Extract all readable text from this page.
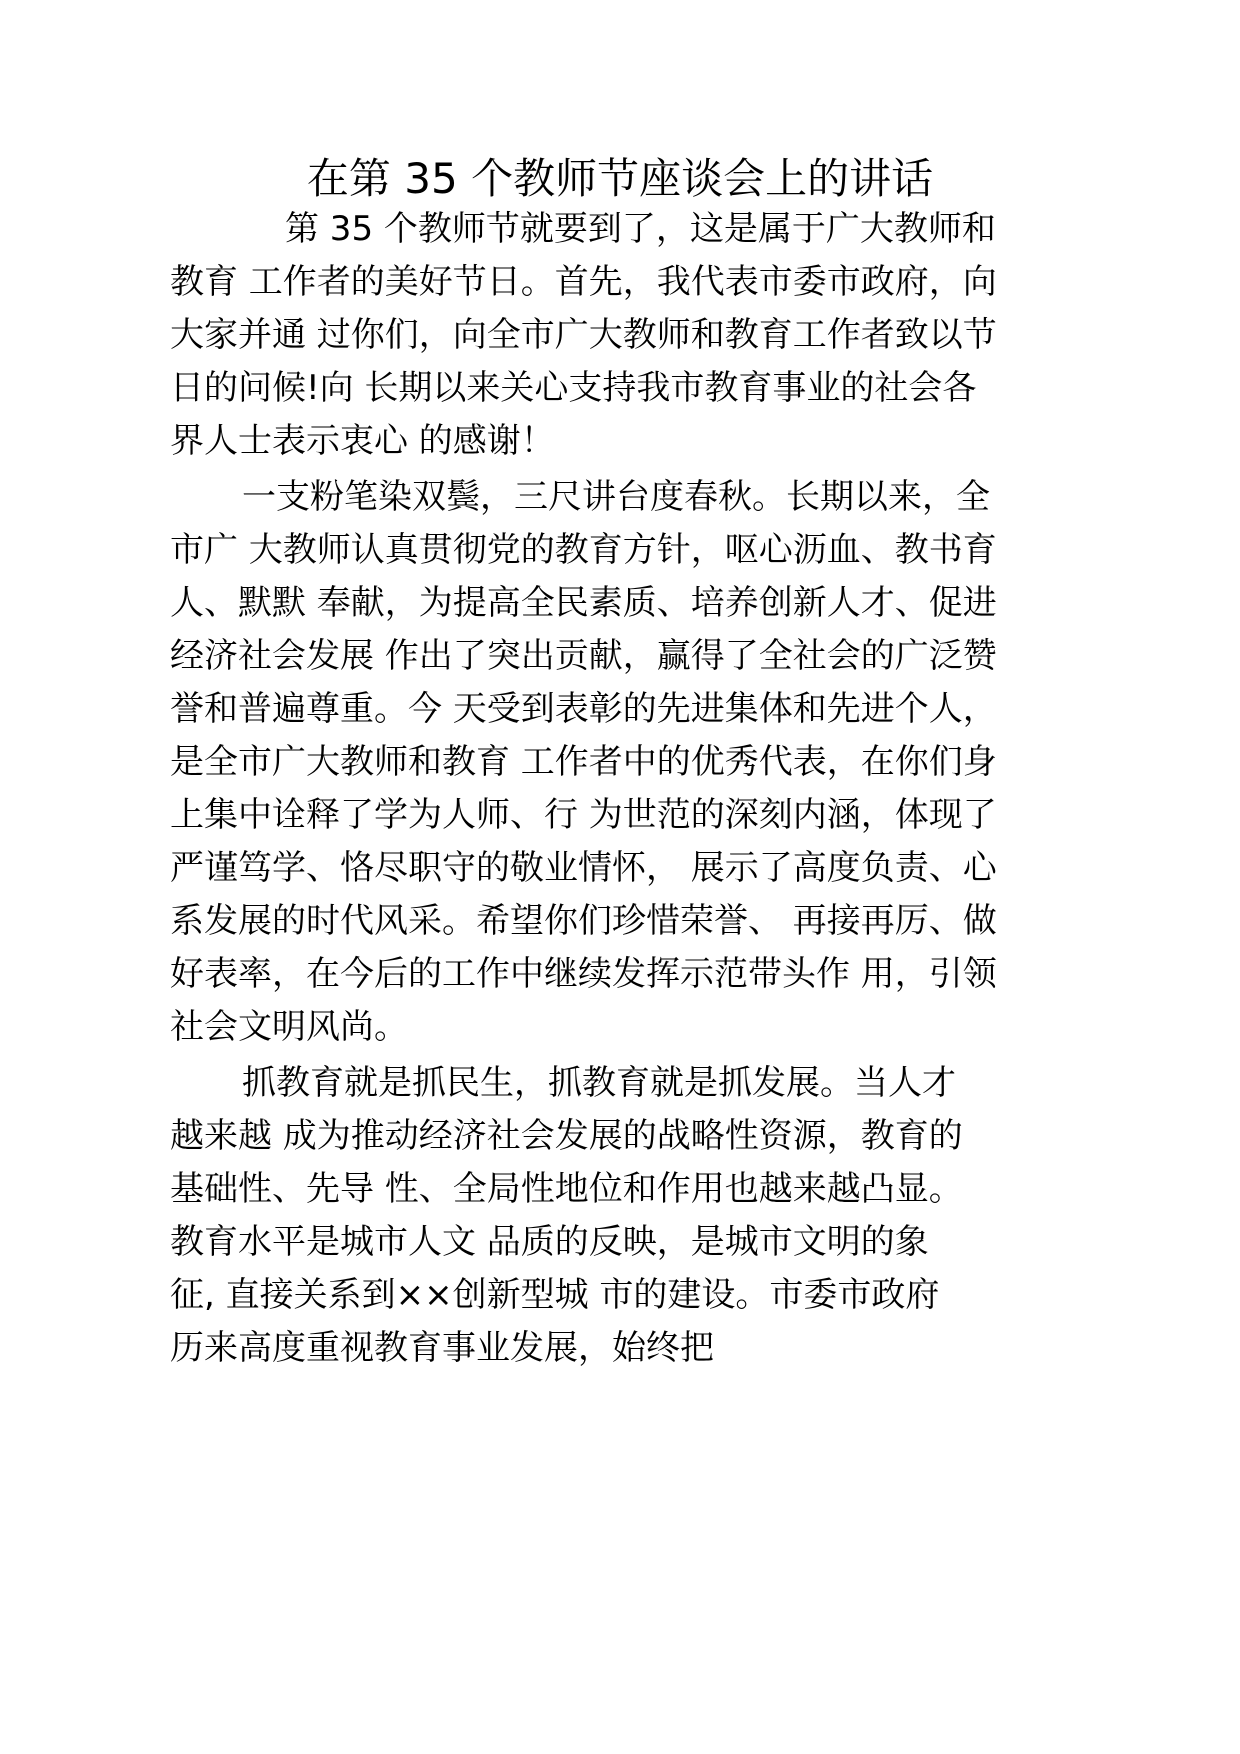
在第 35 个教师节座谈会上的讲话

第 35 个教师节就要到了，这是属于广大教师和
教育 工作者的美好节日。首先，我代表市委市政府，向
大家并通 过你们，向全市广大教师和教育工作者致以节
日的问候!向 长期以来关心支持我市教育事业的社会各
界人士表示衷心 的感谢！

一支粉笔染双鬓，三尺讲台度春秋。长期以来，全
市广 大教师认真贯彻党的教育方针，呕心沥血、教书育
人、默默 奉献，为提高全民素质、培养创新人才、促进
经济社会发展 作出了突出贡献，赢得了全社会的广泛赞
誉和普遍尊重。今 天受到表彰的先进集体和先进个人，
是全市广大教师和教育 工作者中的优秀代表，在你们身
上集中诠释了学为人师、行 为世范的深刻内涵，体现了
严谨笃学、恪尽职守的敬业情怀， 展示了高度负责、心
系发展的时代风采。希望你们珍惜荣誉、 再接再厉、做
好表率，在今后的工作中继续发挥示范带头作 用，引领
社会文明风尚。

抓教育就是抓民生，抓教育就是抓发展。当人才
越来越 成为推动经济社会发展的战略性资源，教育的
基础性、先导 性、全局性地位和作用也越来越凸显。
教育水平是城市人文 品质的反映，是城市文明的象
征, 直接关系到××创新型城 市的建设。市委市政府
历来高度重视教育事业发展，始终把
